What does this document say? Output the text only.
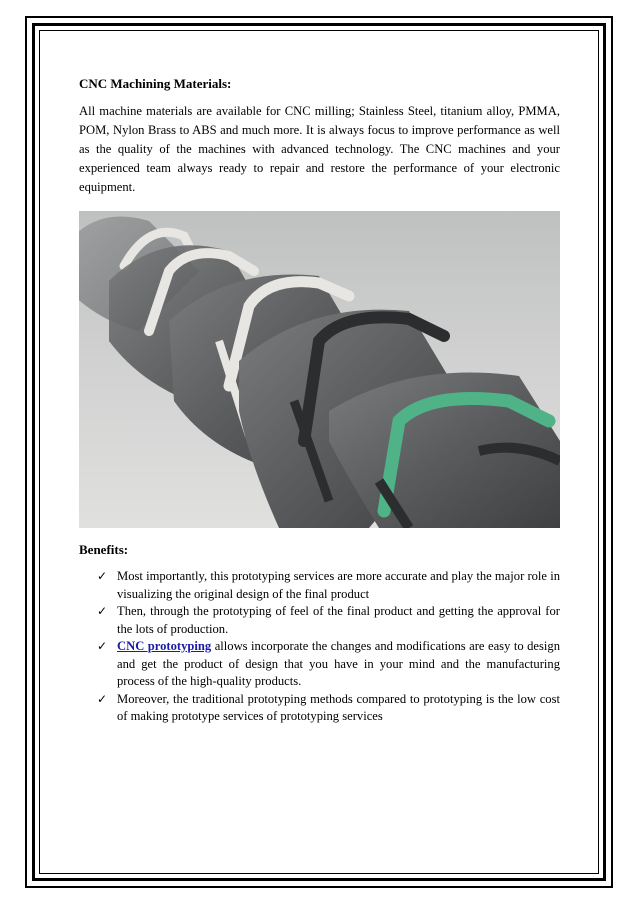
CNC Machining Materials:

All machine materials are available for CNC milling; Stainless Steel, titanium alloy, PMMA, POM, Nylon Brass to ABS and much more. It is always focus to improve performance as well as the quality of the machines with advanced technology. The CNC machines and your experienced team always ready to repair and restore the performance of your electronic equipment.

Benefits:
✓ Most importantly, this prototyping services are more accurate and play the major role in visualizing the original design of the final product
✓ Then, through the prototyping of feel of the final product and getting the approval for the lots of production.
✓ CNC prototyping allows incorporate the changes and modifications are easy to design and get the product of design that you have in your mind and the manufacturing process of the high-quality products.
✓ Moreover, the traditional prototyping methods compared to prototyping is the low cost of making prototype services of prototyping services
